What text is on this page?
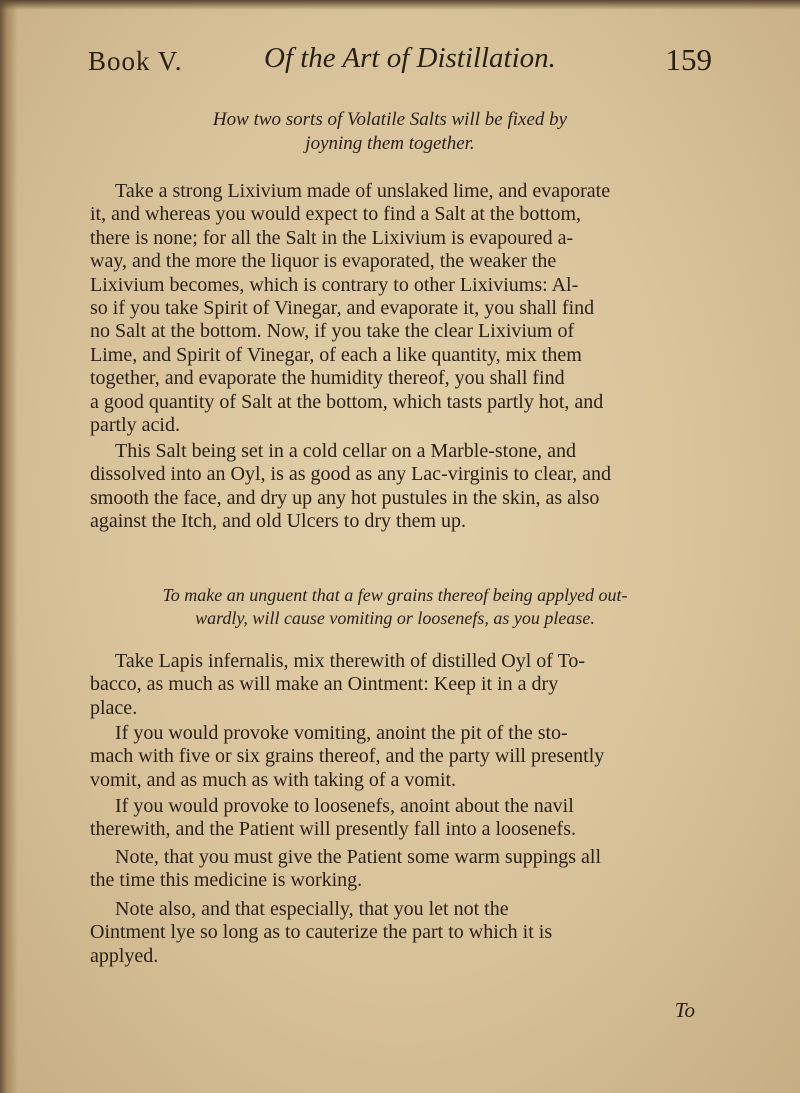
Book V.	Of the Art of Distillation.	159
How two sorts of Volatile Salts will be fixed by
joyning them together.
Take a strong Lixivium made of unslaked lime, and evaporate
it, and whereas you would expect to find a Salt at the bottom,
there is none; for all the Salt in the Lixivium is evapoured a-
way, and the more the liquor is evaporated, the weaker the
Lixivium becomes, which is contrary to other Lixiviums: Al-
so if you take Spirit of Vinegar, and evaporate it, you shall find
no Salt at the bottom. Now, if you take the clear Lixivium of
Lime, and Spirit of Vinegar, of each a like quantity, mix them
together, and evaporate the humidity thereof, you shall find
a good quantity of Salt at the bottom, which tasts partly hot, and
partly acid.
This Salt being set in a cold cellar on a Marble-stone, and
dissolved into an Oyl, is as good as any Lac-virginis to clear, and
smooth the face, and dry up any hot pustules in the skin, as also
against the Itch, and old Ulcers to dry them up.
To make an unguent that a few grains thereof being applyed out-
wardly, will cause vomiting or loosenefs, as you please.
Take Lapis infernalis, mix therewith of distilled Oyl of To-
bacco, as much as will make an Ointment: Keep it in a dry
place.
If you would provoke vomiting, anoint the pit of the sto-
mach with five or six grains thereof, and the party will presently
vomit, and as much as with taking of a vomit.
If you would provoke to loosenefs, anoint about the navil
therewith, and the Patient will presently fall into a loosenefs.
Note, that you must give the Patient some warm suppings all
the time this medicine is working.
Note also, and that especially, that you let not the
Ointment lye so long as to cauterize the part to which it is
applyed.
To
